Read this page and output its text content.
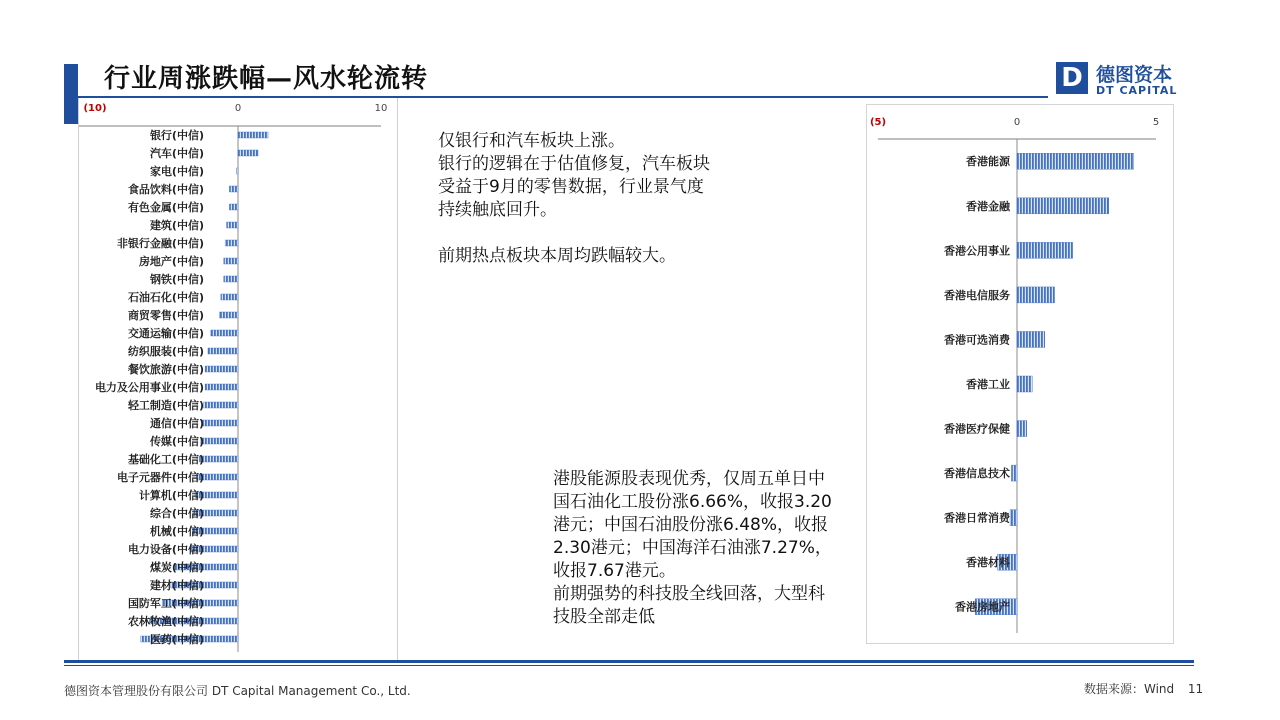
行业周涨跌幅—风水轮流转	D 德图资本
DT CAPITAL
(10)	0	10
银行(中信)
汽车(中信)
家电(中信)
食品饮料(中信)
有色金属(中信)
建筑(中信)
非银行金融(中信)
房地产(中信)
钢铁(中信)
石油石化(中信)
商贸零售(中信)
交通运输(中信)
纺织服装(中信)
餐饮旅游(中信)
电力及公用事业(中信)
轻工制造(中信)
通信(中信)
传媒(中信)
基础化工(中信)
电子元器件(中信)
计算机(中信)
综合(中信)
机械(中信)
电力设备(中信)
煤炭(中信)
建材(中信)
国防军工(中信)
农林牧渔(中信)
医药(中信)
(5)	0	5
香港能源
香港金融
香港公用事业
香港电信服务
香港可选消费
香港工业
香港医疗保健
香港信息技术
香港日常消费
香港材料
香港房地产

仅银行和汽车板块上涨。

银行的逻辑在于估值修复，汽车板块

受益于9月的零售数据，行业景气度

持续触底回升。

前期热点板块本周均跌幅较大。

港股能源股表现优秀，仅周五单日中

国石油化工股份涨6.66%，收报3.20

港元；中国石油股份涨6.48%，收报

2.30港元；中国海洋石油涨7.27%，

收报7.67港元。

前期强势的科技股全线回落，大型科

技股全部走低

德图资本管理股份有限公司 DT Capital Management Co., Ltd.	数据来源：Wind 11
